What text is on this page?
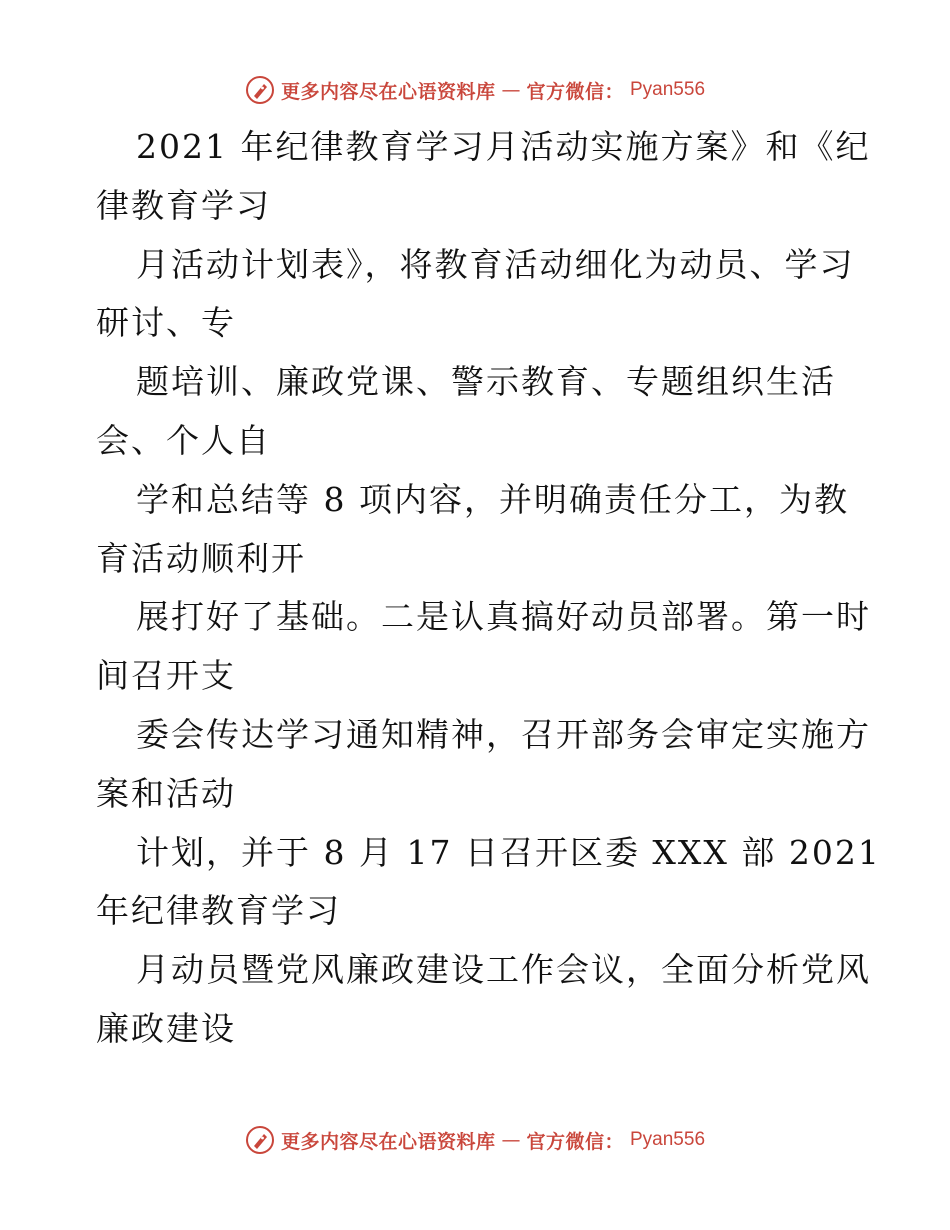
更多内容尽在心语资料库 — 官方微信： Pyan556
2021 年纪律教育学习月活动实施方案》和《纪
律教育学习
月活动计划表》，将教育活动细化为动员、学习
研讨、专
题培训、廉政党课、警示教育、专题组织生活
会、个人自
学和总结等 8 项内容，并明确责任分工，为教
育活动顺利开
展打好了基础。二是认真搞好动员部署。第一时
间召开支
委会传达学习通知精神，召开部务会审定实施方
案和活动
计划，并于 8 月 17 日召开区委 XXX 部 2021
年纪律教育学习
月动员暨党风廉政建设工作会议，全面分析党风
廉政建设
更多内容尽在心语资料库 — 官方微信： Pyan556
